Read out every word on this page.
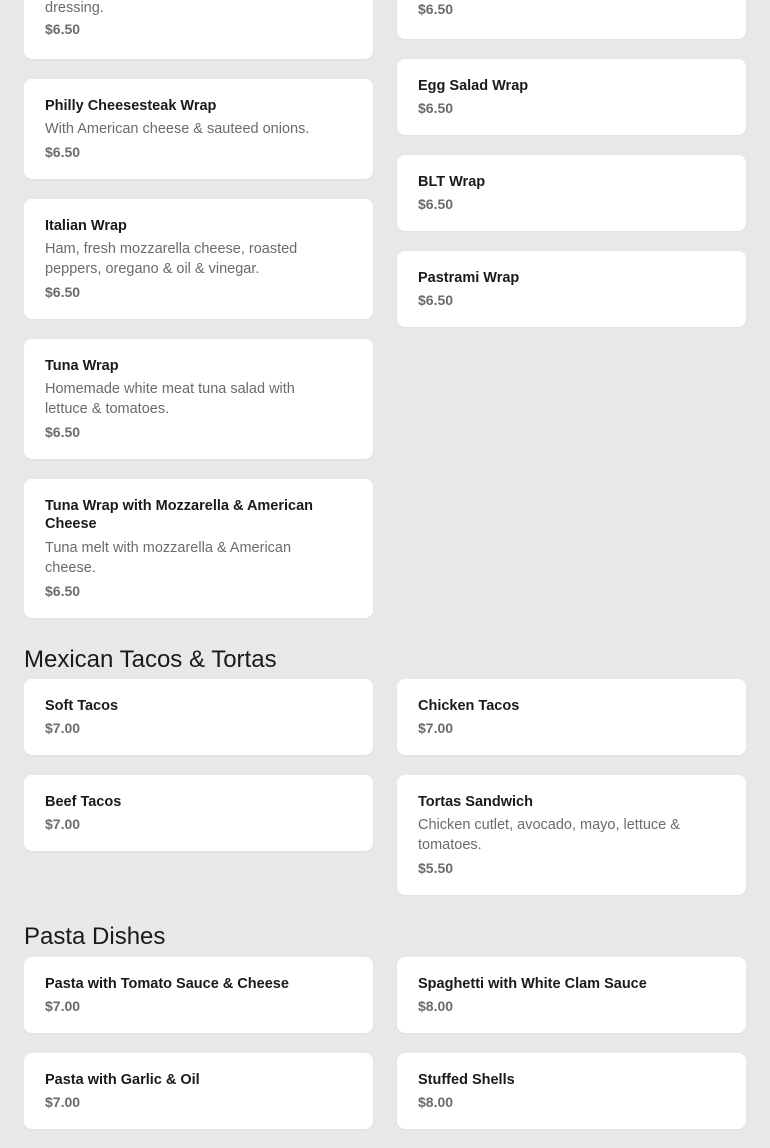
dressing.
$6.50
Philly Cheesesteak Wrap
With American cheese & sauteed onions.
$6.50
Italian Wrap
Ham, fresh mozzarella cheese, roasted
peppers, oregano & oil & vinegar.
$6.50
Tuna Wrap
Homemade white meat tuna salad with
lettuce & tomatoes.
$6.50
Tuna Wrap with Mozzarella & American
Cheese
Tuna melt with mozzarella & American
cheese.
$6.50
$6.50
Egg Salad Wrap
$6.50
BLT Wrap
$6.50
Pastrami Wrap
$6.50
Mexican Tacos & Tortas
Soft Tacos
$7.00
Chicken Tacos
$7.00
Beef Tacos
$7.00
Tortas Sandwich
Chicken cutlet, avocado, mayo, lettuce &
tomatoes.
$5.50
Pasta Dishes
Pasta with Tomato Sauce & Cheese
$7.00
Spaghetti with White Clam Sauce
$8.00
Pasta with Garlic & Oil
$7.00
Stuffed Shells
$8.00
